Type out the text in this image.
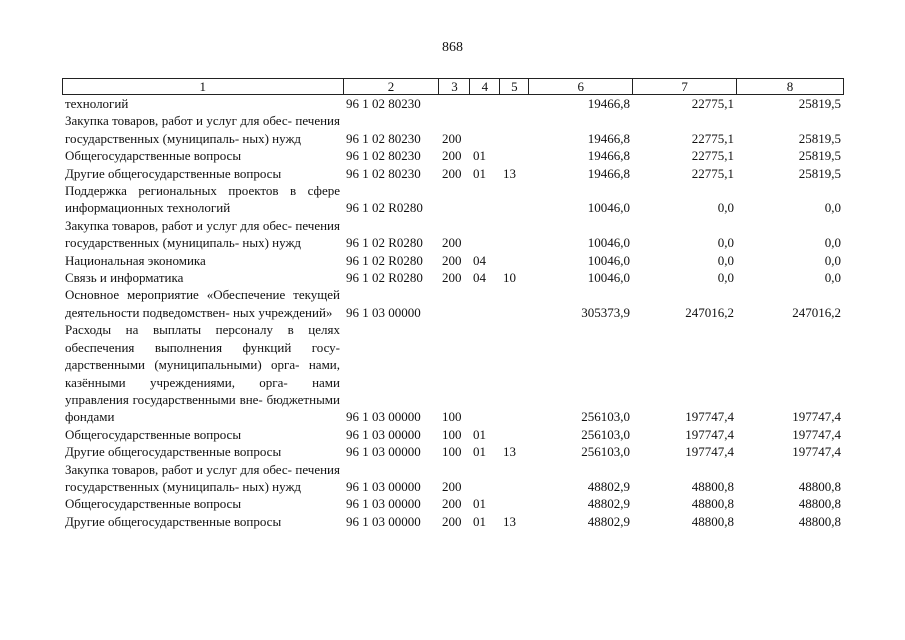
868
1	2	3	4	5	6	7	8
технологий	96 1 02 80230				19466,8	22775,1	25819,5
Закупка товаров, работ и услуг для обес- печения государственных (муниципаль- ных) нужд	96 1 02 80230	200			19466,8	22775,1	25819,5
Общегосударственные вопросы	96 1 02 80230	200	01		19466,8	22775,1	25819,5
Другие общегосударственные вопросы	96 1 02 80230	200	01	13	19466,8	22775,1	25819,5
Поддержка региональных проектов в сфере информационных технологий	96 1 02 R0280				10046,0	0,0	0,0
Закупка товаров, работ и услуг для обес- печения государственных (муниципаль- ных) нужд	96 1 02 R0280	200			10046,0	0,0	0,0
Национальная экономика	96 1 02 R0280	200	04		10046,0	0,0	0,0
Связь и информатика	96 1 02 R0280	200	04	10	10046,0	0,0	0,0
Основное мероприятие «Обеспечение текущей деятельности подведомствен- ных учреждений»	96 1 03 00000				305373,9	247016,2	247016,2
Расходы на выплаты персоналу в целях обеспечения выполнения функций госу- дарственными (муниципальными) орга- нами, казёнными учреждениями, орга- нами управления государственными вне- бюджетными фондами	96 1 03 00000	100			256103,0	197747,4	197747,4
Общегосударственные вопросы	96 1 03 00000	100	01		256103,0	197747,4	197747,4
Другие общегосударственные вопросы	96 1 03 00000	100	01	13	256103,0	197747,4	197747,4
Закупка товаров, работ и услуг для обес- печения государственных (муниципаль- ных) нужд	96 1 03 00000	200			48802,9	48800,8	48800,8
Общегосударственные вопросы	96 1 03 00000	200	01		48802,9	48800,8	48800,8
Другие общегосударственные вопросы	96 1 03 00000	200	01	13	48802,9	48800,8	48800,8
